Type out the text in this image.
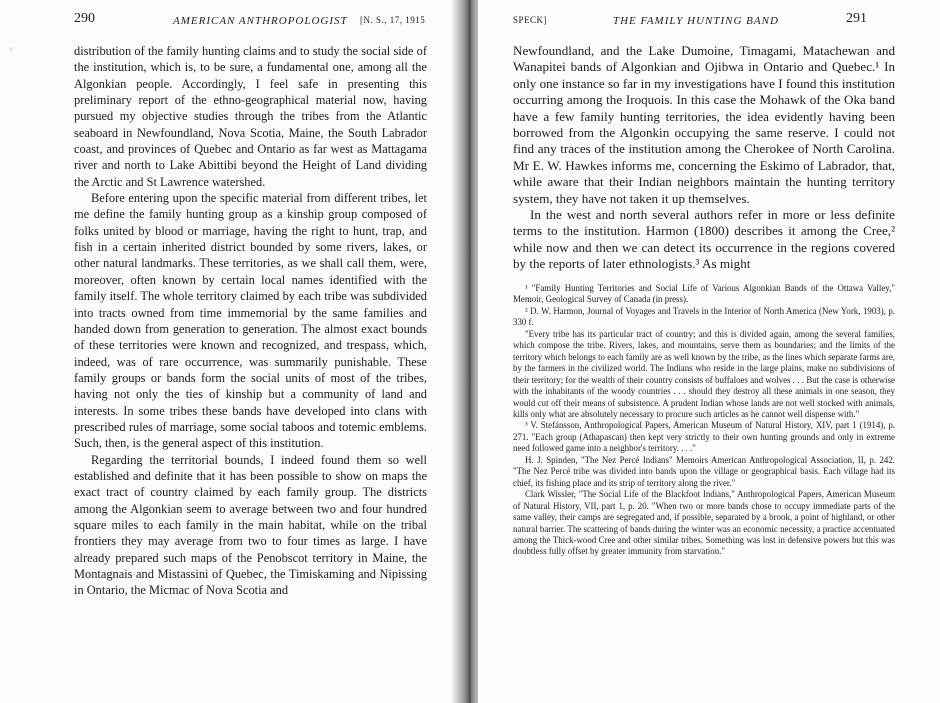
290	AMERICAN ANTHROPOLOGIST [N. S., 17, 1915
ᵞ	distribution of the family hunting claims and to study the social side of the institution, which is, to be sure, a fundamental one, among all the Algonkian people. Accordingly, I feel safe in presenting this preliminary report of the ethno-geographical material now, having pursued my objective studies through the tribes from the Atlantic seaboard in Newfoundland, Nova Scotia, Maine, the South Labrador coast, and provinces of Quebec and Ontario as far west as Mattagama river and north to Lake Abittibi beyond the Height of Land dividing the Arctic and St Lawrence watershed.

Before entering upon the specific material from different tribes, let me define the family hunting group as a kinship group composed of folks united by blood or marriage, having the right to hunt, trap, and fish in a certain inherited district bounded by some rivers, lakes, or other natural landmarks. These territories, as we shall call them, were, moreover, often known by certain local names identified with the family itself. The whole territory claimed by each tribe was subdivided into tracts owned from time immemorial by the same families and handed down from generation to generation. The almost exact bounds of these territories were known and recognized, and trespass, which, indeed, was of rare occurrence, was summarily punishable. These family groups or bands form the social units of most of the tribes, having not only the ties of kinship but a community of land and interests. In some tribes these bands have developed into clans with prescribed rules of marriage, some social taboos and totemic emblems. Such, then, is the general aspect of this institution.

Regarding the territorial bounds, I indeed found them so well established and definite that it has been possible to show on maps the exact tract of country claimed by each family group. The districts among the Algonkian seem to average between two and four hundred square miles to each family in the main habitat, while on the tribal frontiers they may average from two to four times as large. I have already prepared such maps of the Penobscot territory in Maine, the Montagnais and Mistassini of Quebec, the Timiskaming and Nipissing in Ontario, the Micmac of Nova Scotia and

SPECK]	THE FAMILY HUNTING BAND	291

Newfoundland, and the Lake Dumoine, Timagami, Matachewan and Wanapitei bands of Algonkian and Ojibwa in Ontario and Quebec.¹ In only one instance so far in my investigations have I found this institution occurring among the Iroquois. In this case the Mohawk of the Oka band have a few family hunting territories, the idea evidently having been borrowed from the Algonkin occupying the same reserve. I could not find any traces of the institution among the Cherokee of North Carolina. Mr E. W. Hawkes informs me, concerning the Eskimo of Labrador, that, while aware that their Indian neighbors maintain the hunting territory system, they have not taken it up themselves.

In the west and north several authors refer in more or less definite terms to the institution. Harmon (1800) describes it among the Cree,² while now and then we can detect its occurrence in the regions covered by the reports of later ethnologists.³ As might

¹ "Family Hunting Territories and Social Life of Various Algonkian Bands of the Ottawa Valley," Memoir, Geological Survey of Canada (in press).

² D. W. Harmon, Journal of Voyages and Travels in the Interior of North America (New York, 1903), p. 330 f.

"Every tribe has its particular tract of country; and this is divided again, among the several families, which compose the tribe. Rivers, lakes, and mountains, serve them as boundaries; and the limits of the territory which belongs to each family are as well known by the tribe, as the lines which separate farms are, by the farmers in the civilized world. The Indians who reside in the large plains, make no subdivisions of their territory; for the wealth of their country consists of buffaloes and wolves . . . But the case is otherwise with the inhabitants of the woody countries . . . should they destroy all these animals in one season, they would cut off their means of subsistence. A prudent Indian whose lands are not well stocked with animals, kills only what are absolutely necessary to procure such articles as he cannot well dispense with."

³ V. Stefánsson, Anthropological Papers, American Museum of Natural History, XIV, part 1 (1914), p. 271. "Each group (Athapascan) then kept very strictly to their own hunting grounds and only in extreme need followed game into a neighbor's territory. . . ."

H. J. Spinden, "The Nez Percé Indians" Memoirs American Anthropological Association, II, p. 242. "The Nez Percé tribe was divided into bands upon the village or geographical basis. Each village had its chief, its fishing place and its strip of territory along the river."

Clark Wissler, "The Social Life of the Blackfoot Indians," Anthropological Papers, American Museum of Natural History, VII, part 1, p. 20. "When two or more bands chose to occupy immediate parts of the same valley, their camps are segregated and, if possible, separated by a brook, a point of highland, or other natural barrier. The scattering of bands during the winter was an economic necessity, a practice accentuated among the Thick-wood Cree and other similar tribes. Something was lost in defensive powers but this was doubtless fully offset by greater immunity from starvation."
